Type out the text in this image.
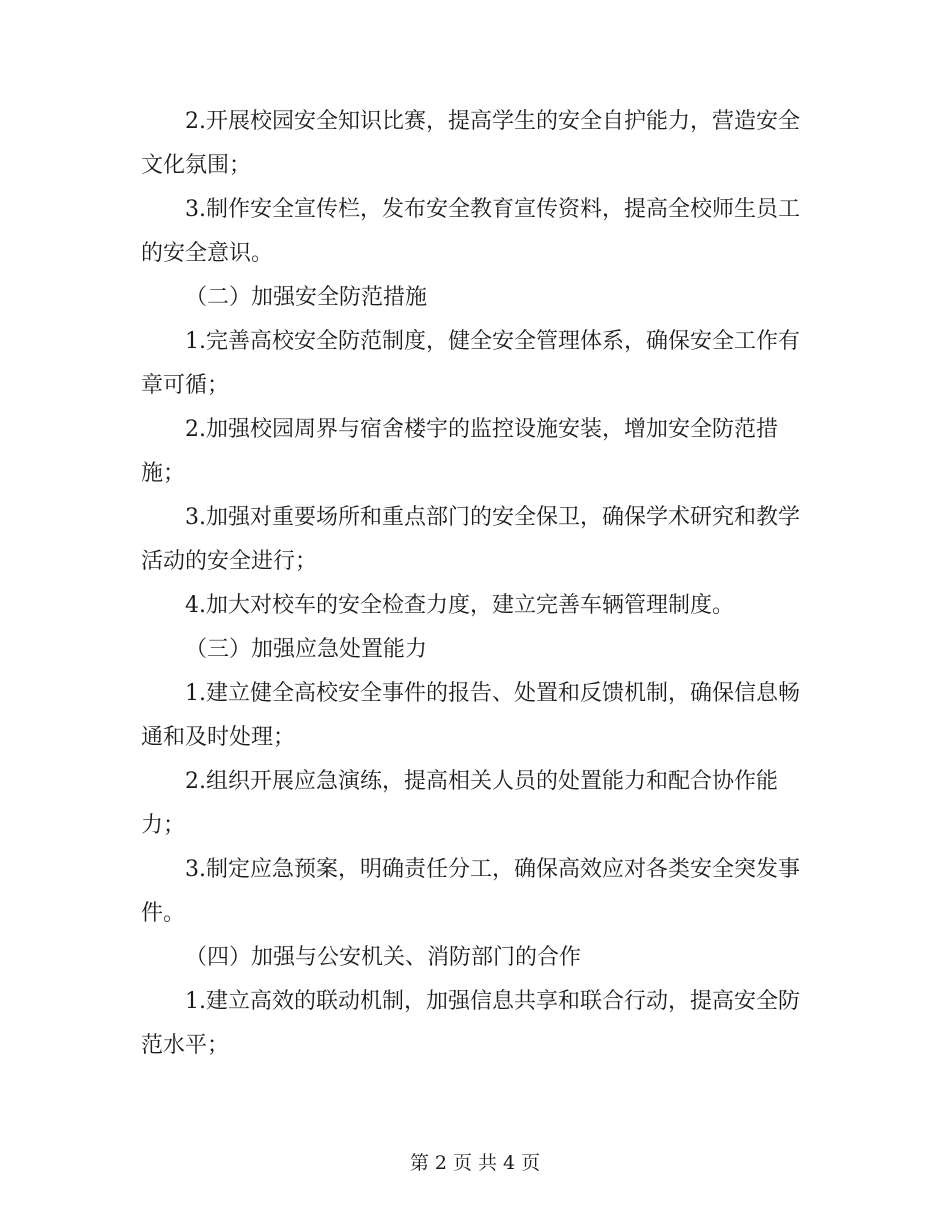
2.开展校园安全知识比赛，提高学生的安全自护能力，营造安全文化氛围；

3.制作安全宣传栏，发布安全教育宣传资料，提高全校师生员工的安全意识。

（二）加强安全防范措施

1.完善高校安全防范制度，健全安全管理体系，确保安全工作有章可循；

2.加强校园周界与宿舍楼宇的监控设施安装，增加安全防范措施；

3.加强对重要场所和重点部门的安全保卫，确保学术研究和教学活动的安全进行；

4.加大对校车的安全检查力度，建立完善车辆管理制度。

（三）加强应急处置能力

1.建立健全高校安全事件的报告、处置和反馈机制，确保信息畅通和及时处理；

2.组织开展应急演练，提高相关人员的处置能力和配合协作能力；

3.制定应急预案，明确责任分工，确保高效应对各类安全突发事件。

（四）加强与公安机关、消防部门的合作

1.建立高效的联动机制，加强信息共享和联合行动，提高安全防范水平；

第 2 页 共 4 页
